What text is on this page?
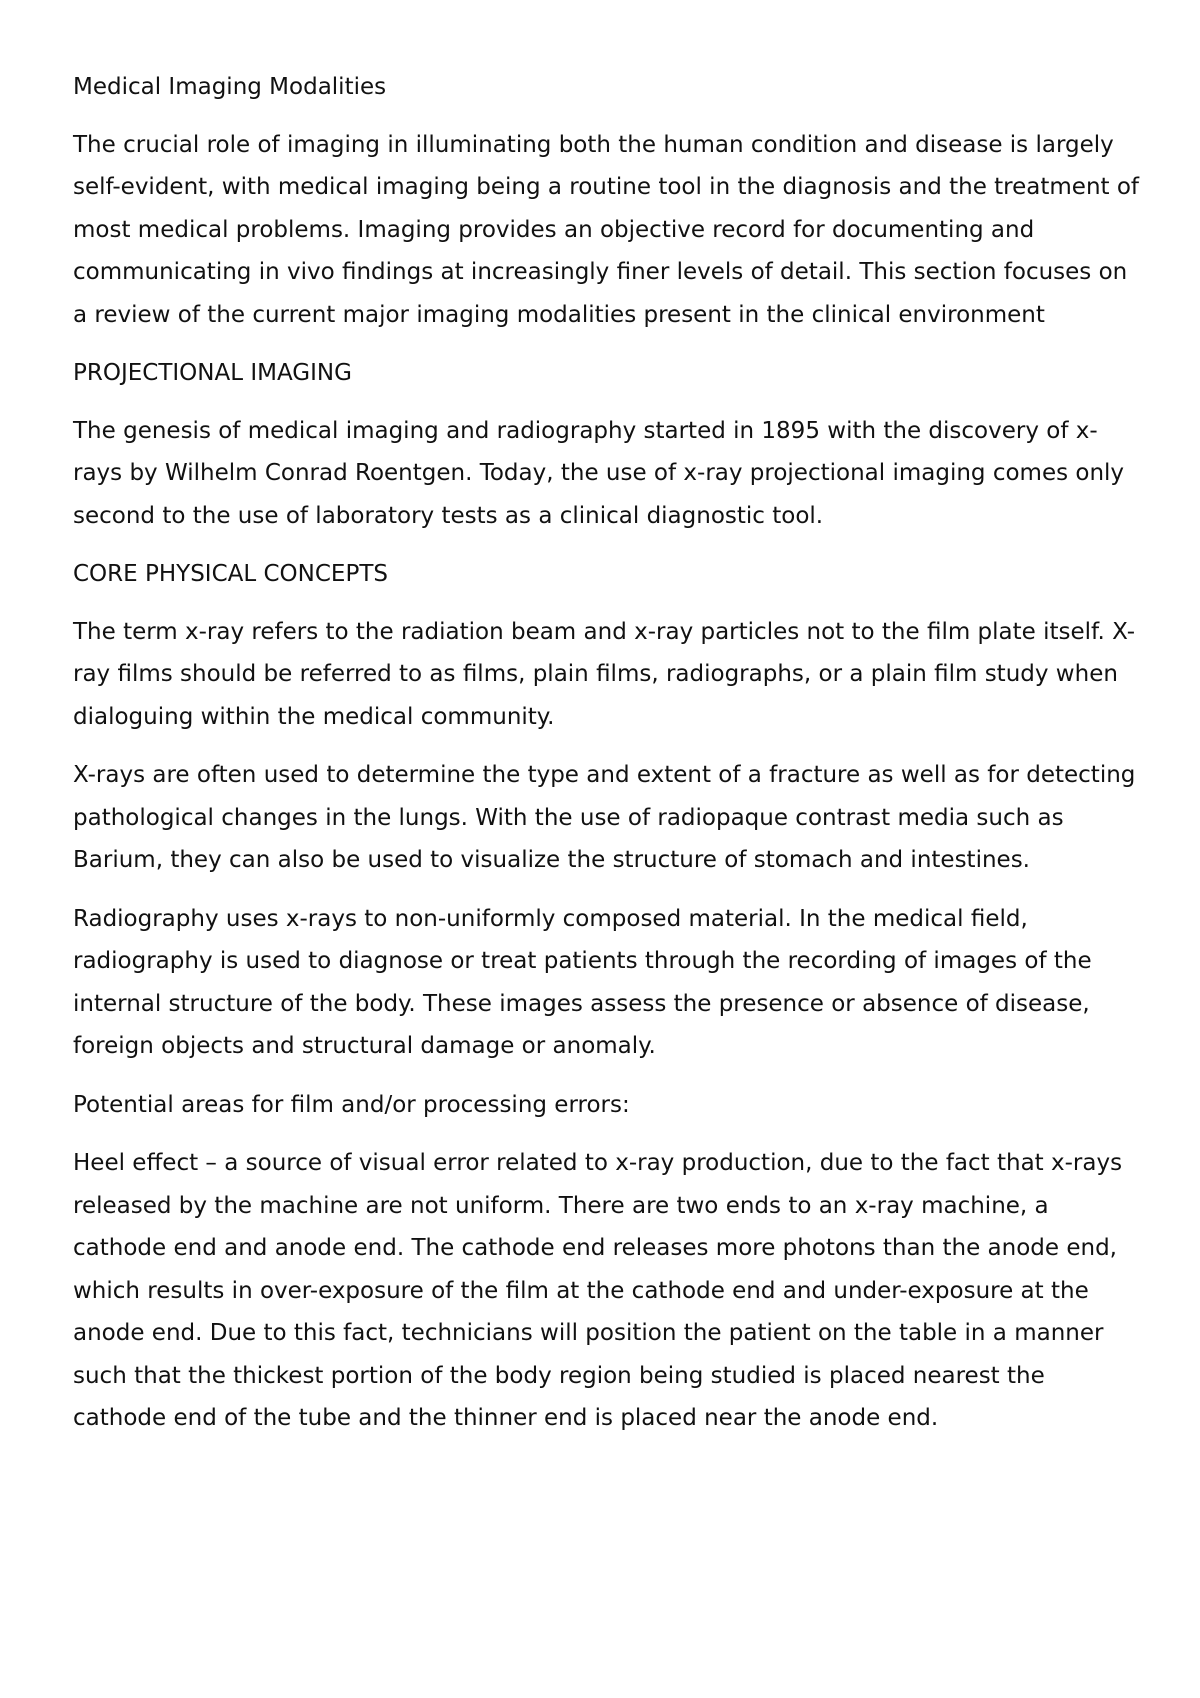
Medical Imaging Modalities

The crucial role of imaging in illuminating both the human condition and disease is largely self-evident, with medical imaging being a routine tool in the diagnosis and the treatment of most medical problems. Imaging provides an objective record for documenting and communicating in vivo findings at increasingly finer levels of detail. This section focuses on a review of the current major imaging modalities present in the clinical environment

PROJECTIONAL IMAGING

The genesis of medical imaging and radiography started in 1895 with the discovery of x-rays by Wilhelm Conrad Roentgen. Today, the use of x-ray projectional imaging comes only second to the use of laboratory tests as a clinical diagnostic tool.

CORE PHYSICAL CONCEPTS

The term x-ray refers to the radiation beam and x-ray particles not to the film plate itself. X-ray films should be referred to as films, plain films, radiographs, or a plain film study when dialoguing within the medical community.

X-rays are often used to determine the type and extent of a fracture as well as for detecting pathological changes in the lungs. With the use of radiopaque contrast media such as Barium, they can also be used to visualize the structure of stomach and intestines.

Radiography uses x-rays to non-uniformly composed material. In the medical field, radiography is used to diagnose or treat patients through the recording of images of the internal structure of the body. These images assess the presence or absence of disease, foreign objects and structural damage or anomaly.

Potential areas for film and/or processing errors:

Heel effect – a source of visual error related to x-ray production, due to the fact that x-rays released by the machine are not uniform. There are two ends to an x-ray machine, a cathode end and anode end. The cathode end releases more photons than the anode end, which results in over-exposure of the film at the cathode end and under-exposure at the anode end. Due to this fact, technicians will position the patient on the table in a manner such that the thickest portion of the body region being studied is placed nearest the cathode end of the tube and the thinner end is placed near the anode end.
